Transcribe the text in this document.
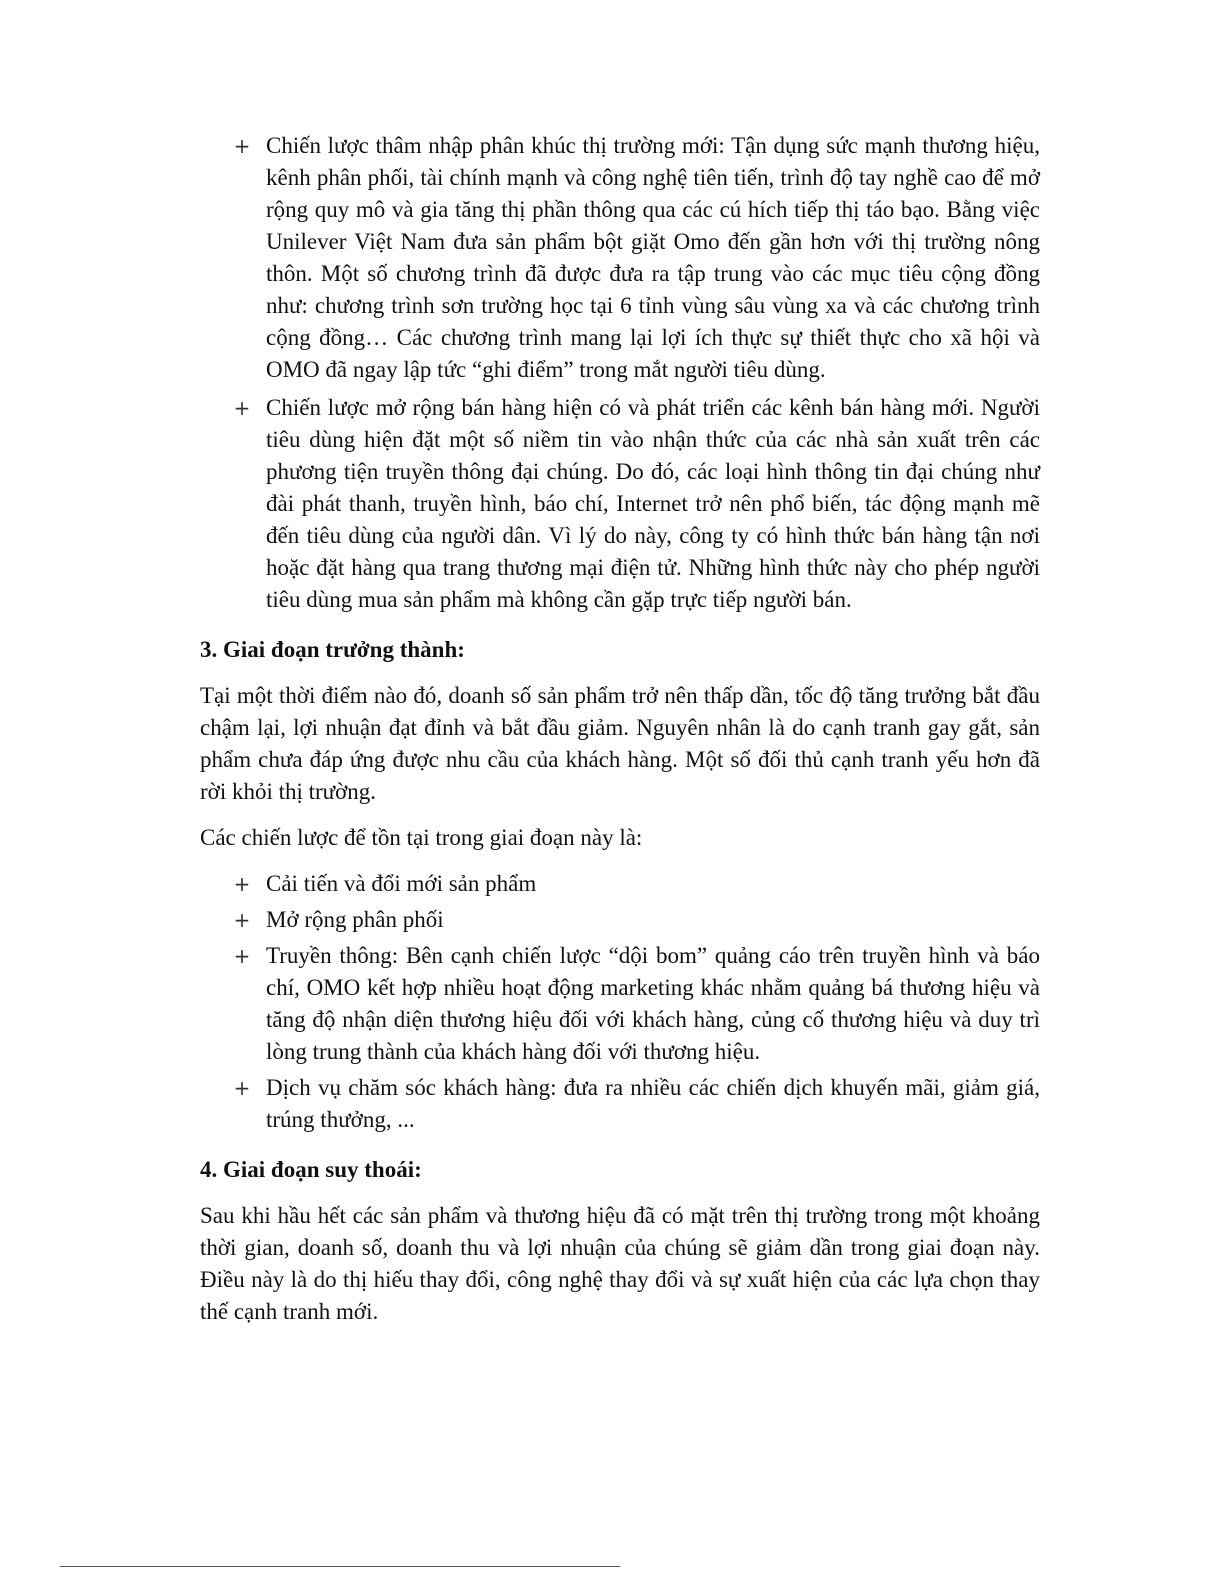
+ Chiến lược thâm nhập phân khúc thị trường mới: Tận dụng sức mạnh thương hiệu, kênh phân phối, tài chính mạnh và công nghệ tiên tiến, trình độ tay nghề cao để mở rộng quy mô và gia tăng thị phần thông qua các cú hích tiếp thị táo bạo. Bằng việc Unilever Việt Nam đưa sản phẩm bột giặt Omo đến gần hơn với thị trường nông thôn. Một số chương trình đã được đưa ra tập trung vào các mục tiêu cộng đồng như: chương trình sơn trường học tại 6 tỉnh vùng sâu vùng xa và các chương trình cộng đồng… Các chương trình mang lại lợi ích thực sự thiết thực cho xã hội và OMO đã ngay lập tức “ghi điểm” trong mắt người tiêu dùng.
+ Chiến lược mở rộng bán hàng hiện có và phát triển các kênh bán hàng mới. Người tiêu dùng hiện đặt một số niềm tin vào nhận thức của các nhà sản xuất trên các phương tiện truyền thông đại chúng. Do đó, các loại hình thông tin đại chúng như đài phát thanh, truyền hình, báo chí, Internet trở nên phổ biến, tác động mạnh mẽ đến tiêu dùng của người dân. Vì lý do này, công ty có hình thức bán hàng tận nơi hoặc đặt hàng qua trang thương mại điện tử. Những hình thức này cho phép người tiêu dùng mua sản phẩm mà không cần gặp trực tiếp người bán.
3. Giai đoạn trưởng thành:

Tại một thời điểm nào đó, doanh số sản phẩm trở nên thấp dần, tốc độ tăng trưởng bắt đầu chậm lại, lợi nhuận đạt đỉnh và bắt đầu giảm. Nguyên nhân là do cạnh tranh gay gắt, sản phẩm chưa đáp ứng được nhu cầu của khách hàng. Một số đối thủ cạnh tranh yếu hơn đã rời khỏi thị trường.

Các chiến lược để tồn tại trong giai đoạn này là:

+ Cải tiến và đổi mới sản phẩm
+ Mở rộng phân phối
+ Truyền thông: Bên cạnh chiến lược “dội bom” quảng cáo trên truyền hình và báo chí, OMO kết hợp nhiều hoạt động marketing khác nhằm quảng bá thương hiệu và tăng độ nhận diện thương hiệu đối với khách hàng, củng cố thương hiệu và duy trì lòng trung thành của khách hàng đối với thương hiệu.
+ Dịch vụ chăm sóc khách hàng: đưa ra nhiều các chiến dịch khuyến mãi, giảm giá, trúng thưởng, ...
4. Giai đoạn suy thoái:

Sau khi hầu hết các sản phẩm và thương hiệu đã có mặt trên thị trường trong một khoảng thời gian, doanh số, doanh thu và lợi nhuận của chúng sẽ giảm dần trong giai đoạn này. Điều này là do thị hiếu thay đổi, công nghệ thay đổi và sự xuất hiện của các lựa chọn thay thế cạnh tranh mới.
